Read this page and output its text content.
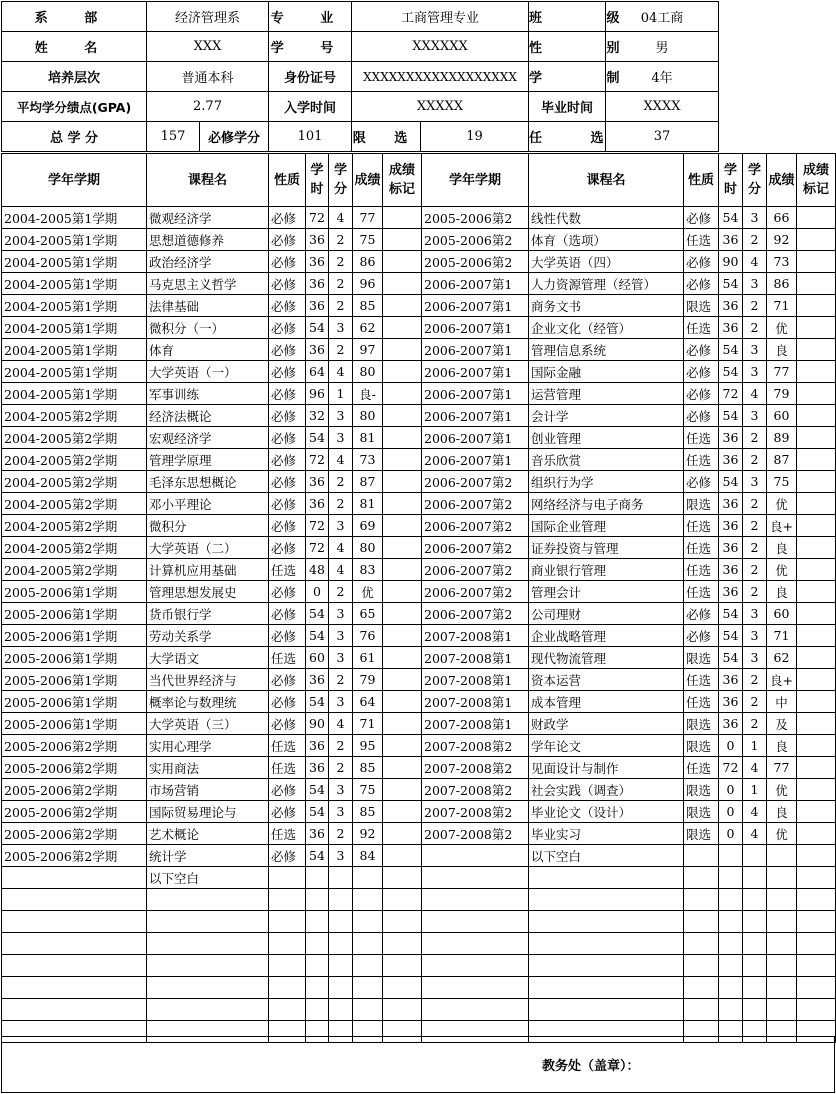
系 部	经济管理系	专 业	工商管理专业	班 级	04工商
姓 名	XXX	学 号	XXXXXX	性 别	男
培养层次	普通本科	身份证号	XXXXXXXXXXXXXXXXXX	学 制	4年
平均学分绩点(GPA)	2.77	入学时间	XXXXX	毕业时间	XXXX
总 学 分	157	必修学分	101	限 选	19	任 选	37
学年学期	课程名	性质	学时	学分	成绩	成绩标记	学年学期	课程名	性质	学时	学分	成绩	成绩标记
2004-2005第1学期	微观经济学	必修	72	4	77		2005-2006第2	线性代数	必修	54	3	66	
2004-2005第1学期	思想道德修养	必修	36	2	75		2005-2006第2	体育（选项）	任选	36	2	92	
2004-2005第1学期	政治经济学	必修	36	2	86		2005-2006第2	大学英语（四）	必修	90	4	73	
2004-2005第1学期	马克思主义哲学	必修	36	2	96		2006-2007第1	人力资源管理（经管）	必修	54	3	86	
2004-2005第1学期	法律基础	必修	36	2	85		2006-2007第1	商务文书	限选	36	2	71	
2004-2005第1学期	微积分（一）	必修	54	3	62		2006-2007第1	企业文化（经管）	任选	36	2	优	
2004-2005第1学期	体育	必修	36	2	97		2006-2007第1	管理信息系统	必修	54	3	良	
2004-2005第1学期	大学英语（一）	必修	64	4	80		2006-2007第1	国际金融	必修	54	3	77	
2004-2005第1学期	军事训练	必修	96	1	良-		2006-2007第1	运营管理	必修	72	4	79	
2004-2005第2学期	经济法概论	必修	32	3	80		2006-2007第1	会计学	必修	54	3	60	
2004-2005第2学期	宏观经济学	必修	54	3	81		2006-2007第1	创业管理	任选	36	2	89	
2004-2005第2学期	管理学原理	必修	72	4	73		2006-2007第1	音乐欣赏	任选	36	2	87	
2004-2005第2学期	毛泽东思想概论	必修	36	2	87		2006-2007第2	组织行为学	必修	54	3	75	
2004-2005第2学期	邓小平理论	必修	36	2	81		2006-2007第2	网络经济与电子商务	限选	36	2	优	
2004-2005第2学期	微积分	必修	72	3	69		2006-2007第2	国际企业管理	任选	36	2	良+	
2004-2005第2学期	大学英语（二）	必修	72	4	80		2006-2007第2	证券投资与管理	任选	36	2	良	
2004-2005第2学期	计算机应用基础	任选	48	4	83		2006-2007第2	商业银行管理	任选	36	2	优	
2005-2006第1学期	管理思想发展史	必修	0	2	优		2006-2007第2	管理会计	任选	36	2	良	
2005-2006第1学期	货币银行学	必修	54	3	65		2006-2007第2	公司理财	必修	54	3	60	
2005-2006第1学期	劳动关系学	必修	54	3	76		2007-2008第1	企业战略管理	必修	54	3	71	
2005-2006第1学期	大学语文	任选	60	3	61		2007-2008第1	现代物流管理	限选	54	3	62	
2005-2006第1学期	当代世界经济与	必修	36	2	79		2007-2008第1	资本运营	任选	36	2	良+	
2005-2006第1学期	概率论与数理统	必修	54	3	64		2007-2008第1	成本管理	任选	36	2	中	
2005-2006第1学期	大学英语（三）	必修	90	4	71		2007-2008第1	财政学	限选	36	2	及	
2005-2006第2学期	实用心理学	任选	36	2	95		2007-2008第2	学年论文	限选	0	1	良	
2005-2006第2学期	实用商法	任选	36	2	85		2007-2008第2	见面设计与制作	任选	72	4	77	
2005-2006第2学期	市场营销	必修	54	3	75		2007-2008第2	社会实践（调查）	限选	0	1	优	
2005-2006第2学期	国际贸易理论与	必修	54	3	85		2007-2008第2	毕业论文（设计）	限选	0	4	良	
2005-2006第2学期	艺术概论	任选	36	2	92		2007-2008第2	毕业实习	限选	0	4	优	
2005-2006第2学期	统计学	必修	54	3	84			以下空白					
	以下空白												

教务处（盖章）：
